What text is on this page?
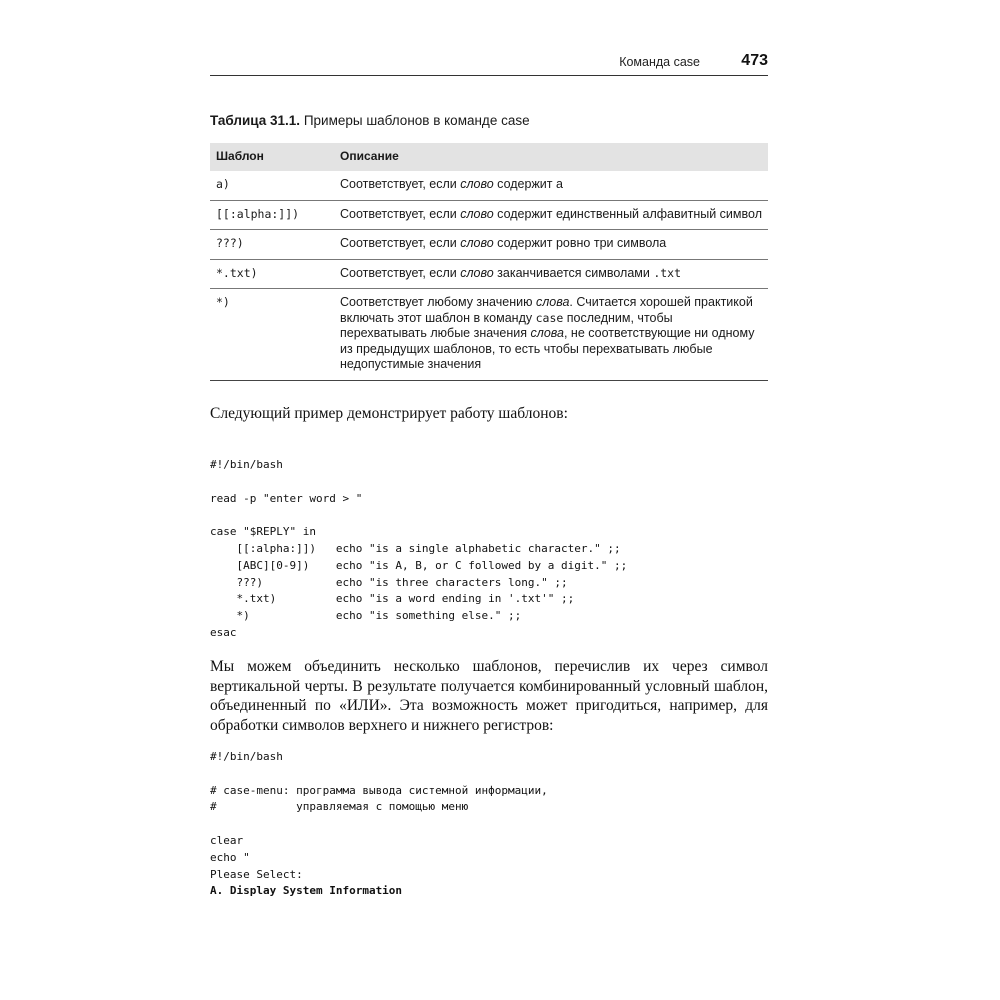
Команда case	473
Таблица 31.1. Примеры шаблонов в команде case
Шаблон	Описание
a)	Соответствует, если слово содержит a
[[:alpha:]])	Соответствует, если слово содержит единственный алфавитный символ
???)	Соответствует, если слово содержит ровно три символа
*.txt)	Соответствует, если слово заканчивается символами .txt
*)	Соответствует любому значению слова. Считается хорошей практикой включать этот шаблон в команду case последним, чтобы перехватывать любые значения слова, не соответствующие ни одному из предыдущих шаблонов, то есть чтобы перехватывать любые недопустимые значения

Следующий пример демонстрирует работу шаблонов:

#!/bin/bash

read -p "enter word > "

case "$REPLY" in
[[:alpha:]])   echo "is a single alphabetic character." ;;
[ABC][0-9])    echo "is A, B, or C followed by a digit." ;;
???)           echo "is three characters long." ;;
*.txt)         echo "is a word ending in '.txt'" ;;
*)             echo "is something else." ;;
esac

Мы можем объединить несколько шаблонов, перечислив их через символ вертикальной черты. В результате получается комбинированный условный шаблон, объединенный по «ИЛИ». Эта возможность может пригодиться, например, для обработки символов верхнего и нижнего регистров:

#!/bin/bash

# case-menu: программа вывода системной информации,
#            управляемая с помощью меню

clear
echo "
Please Select:
A. Display System Information
